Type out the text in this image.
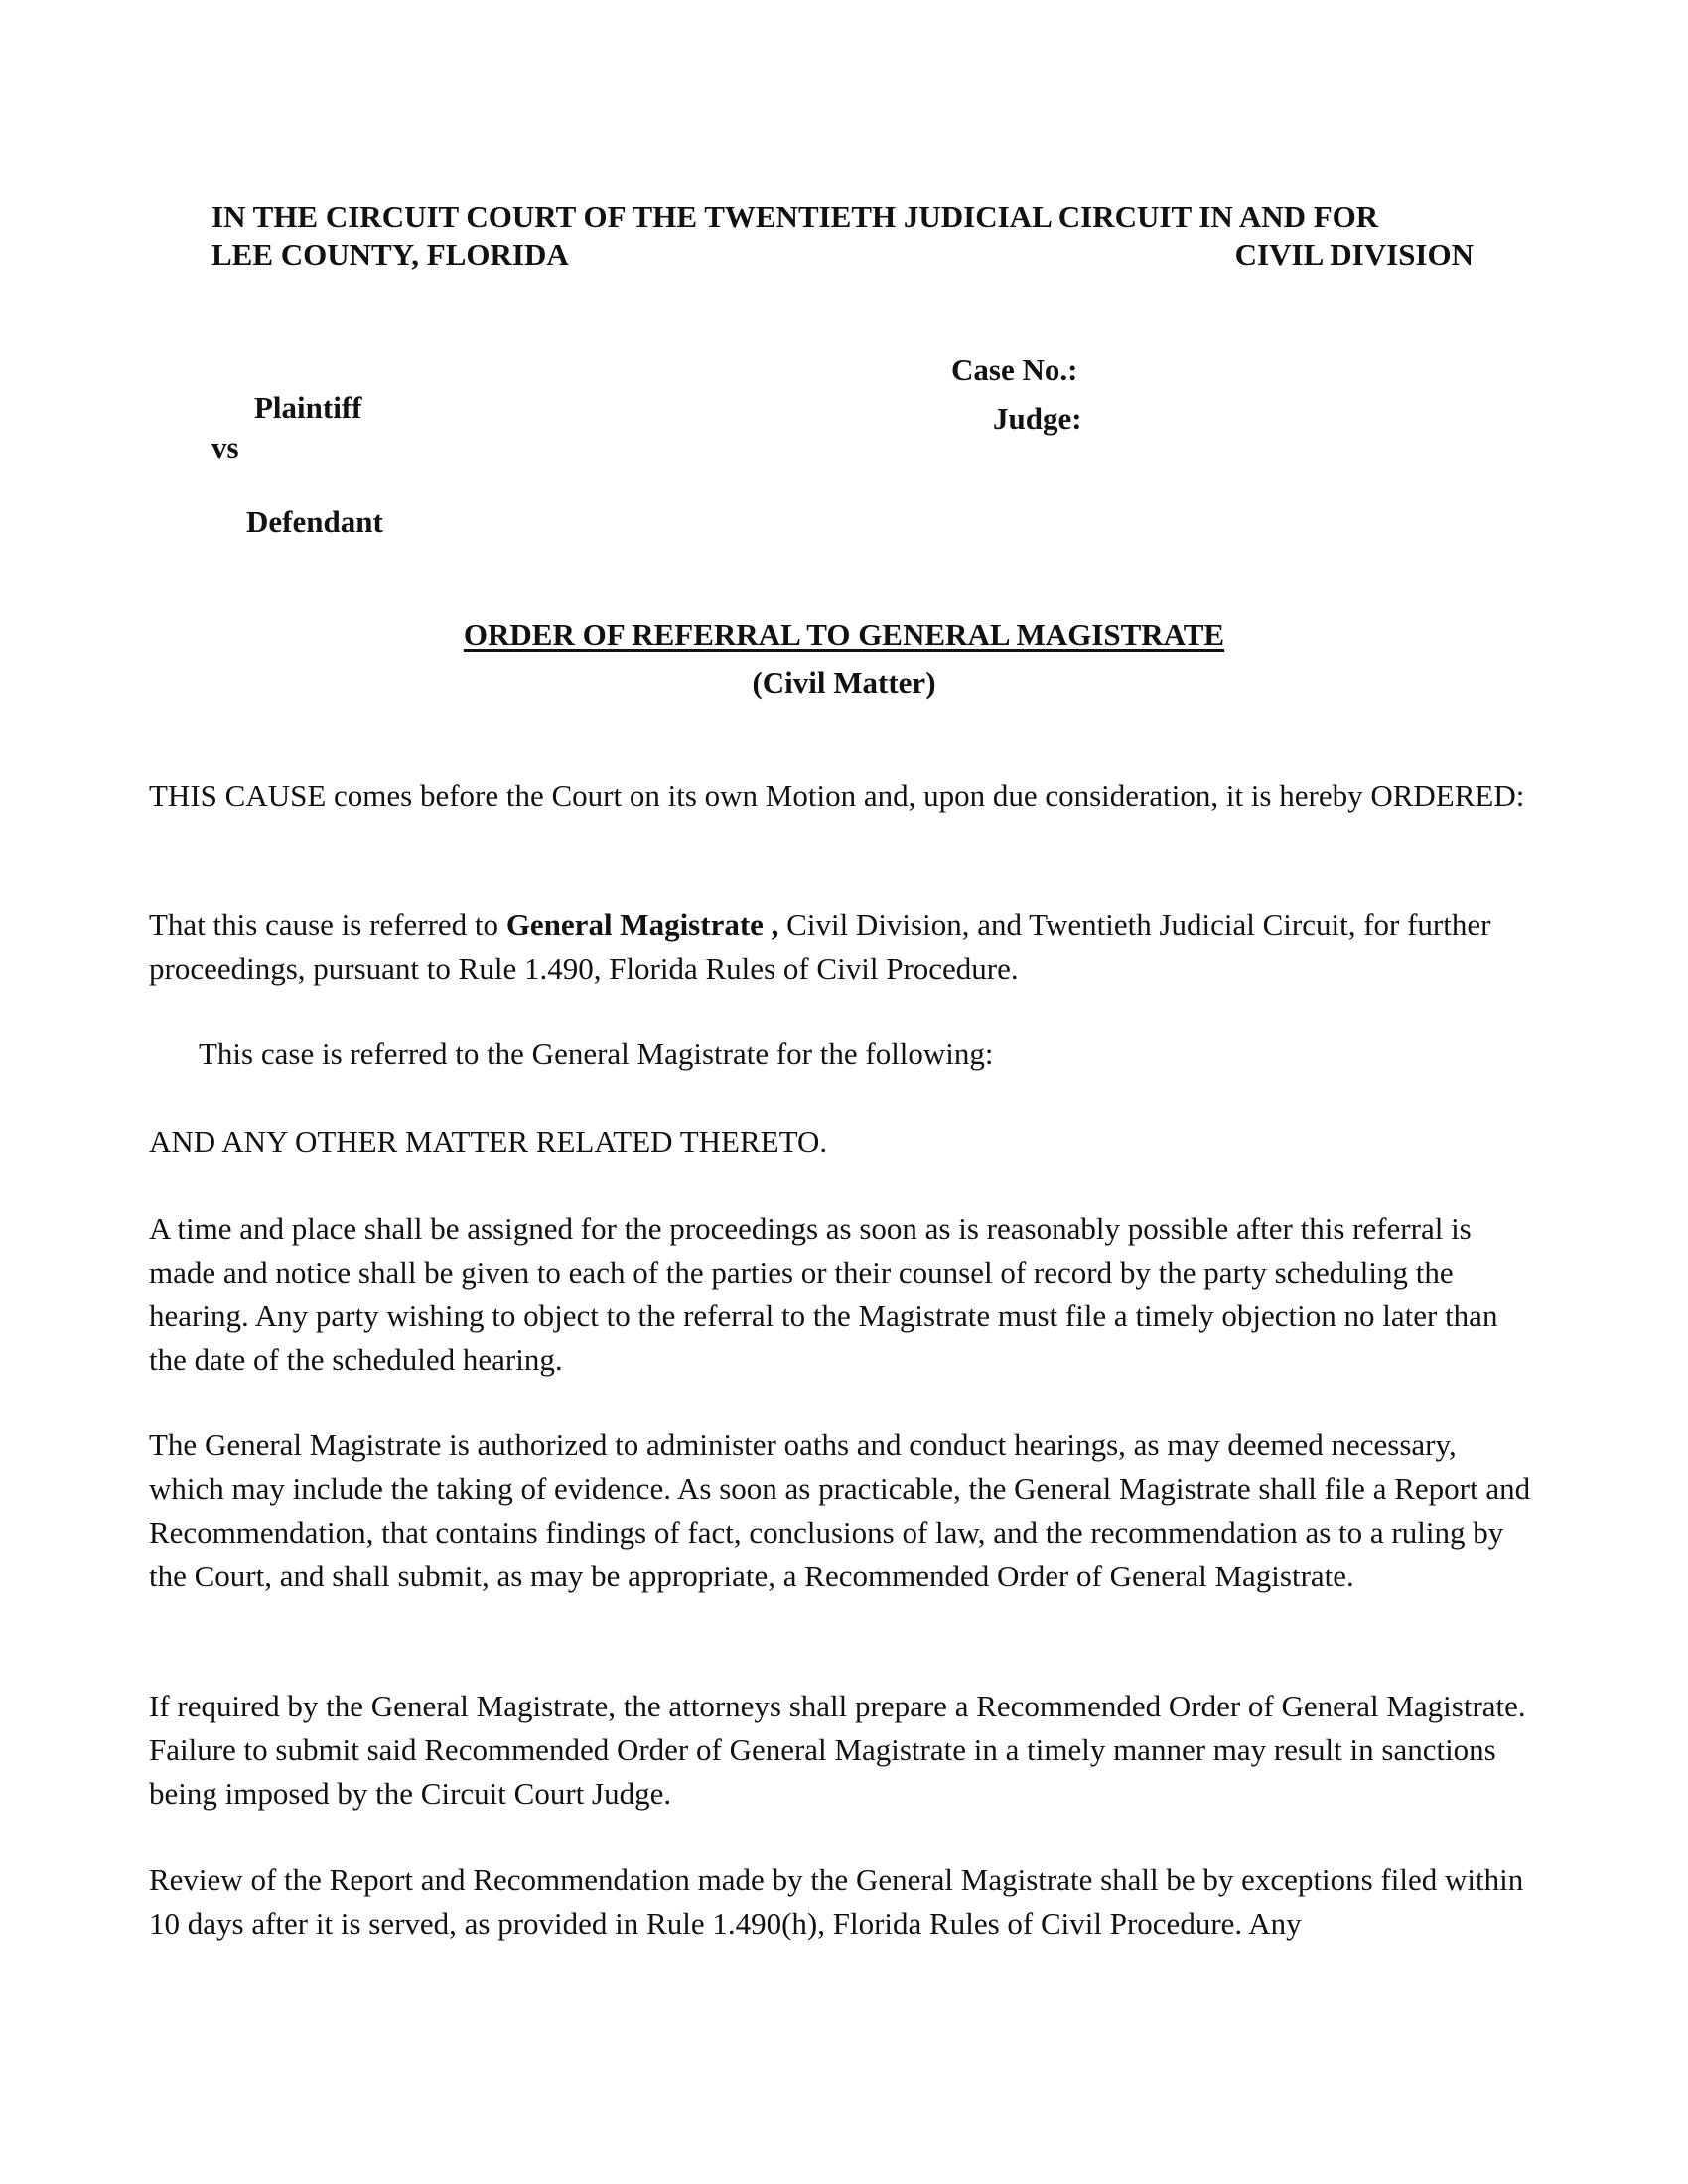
IN THE CIRCUIT COURT OF THE TWENTIETH JUDICIAL CIRCUIT IN AND FOR
LEE COUNTY, FLORIDA	CIVIL DIVISION
Case No.:
Judge:
Plaintiff
vs
Defendant
ORDER OF REFERRAL TO GENERAL MAGISTRATE
(Civil Matter)

THIS CAUSE comes before the Court on its own Motion and, upon due consideration, it is hereby ORDERED:

That this cause is referred to General Magistrate , Civil Division, and Twentieth Judicial Circuit, for further proceedings, pursuant to Rule 1.490, Florida Rules of Civil Procedure.

This case is referred to the General Magistrate for the following:

AND ANY OTHER MATTER RELATED THERETO.

A time and place shall be assigned for the proceedings as soon as is reasonably possible after this referral is made and notice shall be given to each of the parties or their counsel of record by the party scheduling the hearing. Any party wishing to object to the referral to the Magistrate must file a timely objection no later than the date of the scheduled hearing.

The General Magistrate is authorized to administer oaths and conduct hearings, as may deemed necessary, which may include the taking of evidence. As soon as practicable, the General Magistrate shall file a Report and Recommendation, that contains findings of fact, conclusions of law, and the recommendation as to a ruling by the Court, and shall submit, as may be appropriate, a Recommended Order of General Magistrate.

If required by the General Magistrate, the attorneys shall prepare a Recommended Order of General Magistrate. Failure to submit said Recommended Order of General Magistrate in a timely manner may result in sanctions being imposed by the Circuit Court Judge.

Review of the Report and Recommendation made by the General Magistrate shall be by exceptions filed within 10 days after it is served, as provided in Rule 1.490(h), Florida Rules of Civil Procedure. Any
